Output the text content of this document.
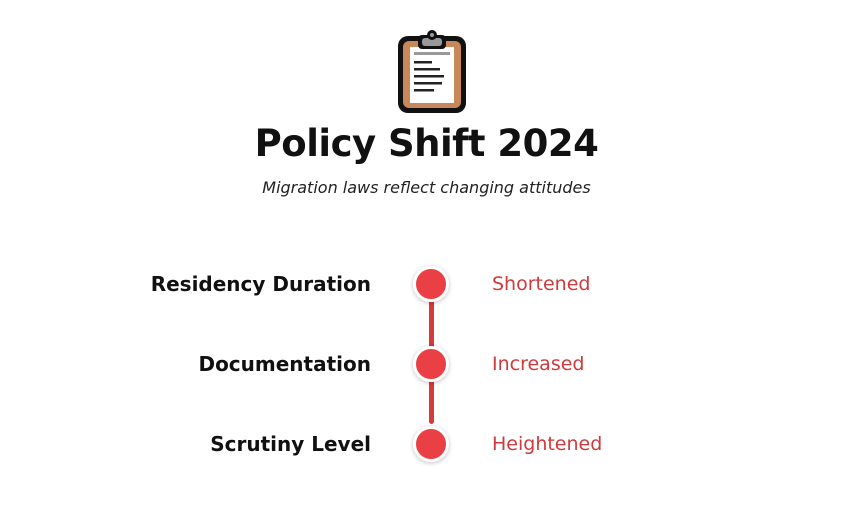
Policy Shift 2024
Migration laws reflect changing attitudes
Residency Duration	Shortened
Documentation	Increased
Scrutiny Level	Heightened
